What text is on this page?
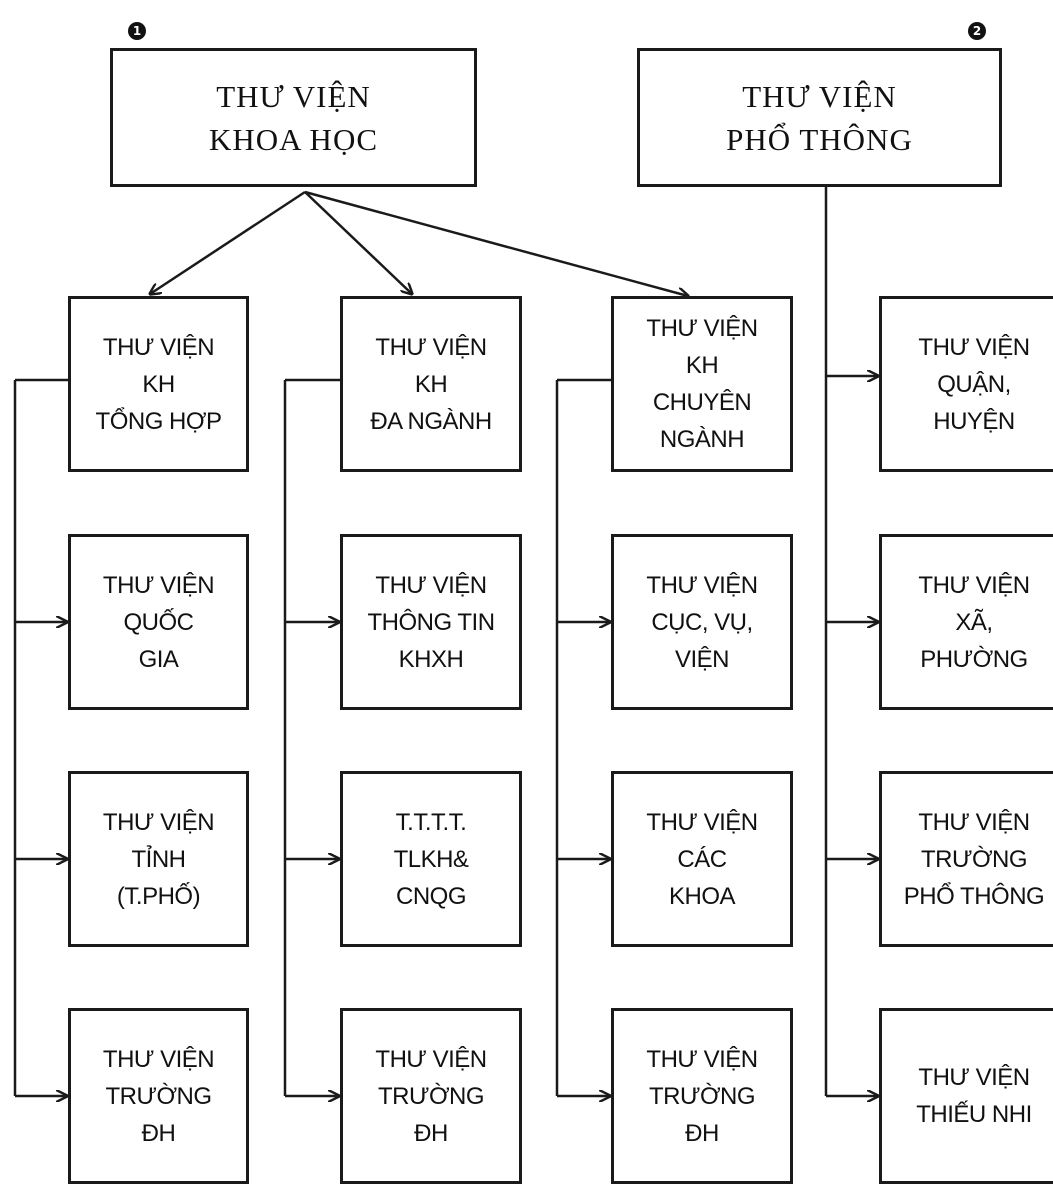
1	2
THƯ VIỆN
KHOA HỌC
THƯ VIỆN
PHỔ THÔNG
THƯ VIỆN
KH
TỔNG HỢP
THƯ VIỆN
QUỐC
GIA
THƯ VIỆN
TỈNH
(T.PHỐ)
THƯ VIỆN
TRƯỜNG
ĐH
THƯ VIỆN
KH
ĐA NGÀNH
THƯ VIỆN
THÔNG TIN
KHXH
T.T.T.T.
TLKH&
CNQG
THƯ VIỆN
TRƯỜNG
ĐH
THƯ VIỆN
KH
CHUYÊN
NGÀNH
THƯ VIỆN
CỤC, VỤ,
VIỆN
THƯ VIỆN
CÁC
KHOA
THƯ VIỆN
TRƯỜNG
ĐH
THƯ VIỆN
QUẬN,
HUYỆN
THƯ VIỆN
XÃ,
PHƯỜNG
THƯ VIỆN
TRƯỜNG
PHỔ THÔNG
THƯ VIỆN
THIẾU NHI
